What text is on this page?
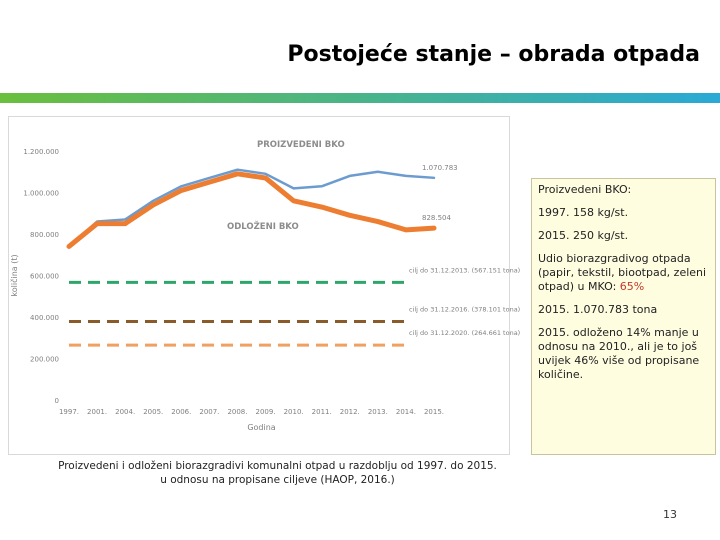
Postojeće stanje – obrada otpada
0
200.000
400.000
600.000
800.000
1.000.000
1.200.000
količina (t)
1997. 2001. 2004. 2005. 2006. 2007. 2008. 2009. 2010. 2011. 2012. 2013. 2014. 2015.
Godina
cilj do 31.12.2013. (567.151 tona)
cilj do 31.12.2016. (378.101 tona)
cilj do 31.12.2020. (264.661 tona)
1.070.783
828.504
PROIZVEDENI BKO
ODLOŽENI BKO

Proizvedeni BKO:

1997. 158 kg/st.

2015. 250 kg/st.

Udio biorazgradivog otpada (papir, tekstil, biootpad, zeleni otpad) u MKO: 65%

2015. 1.070.783 tona

2015. odloženo 14% manje u odnosu na 2010., ali je to još uvijek 46% više od propisane količine.

Proizvedeni i odloženi biorazgradivi komunalni otpad u razdoblju od 1997. do 2015.
u odnosu na propisane ciljeve (HAOP, 2016.)
13
